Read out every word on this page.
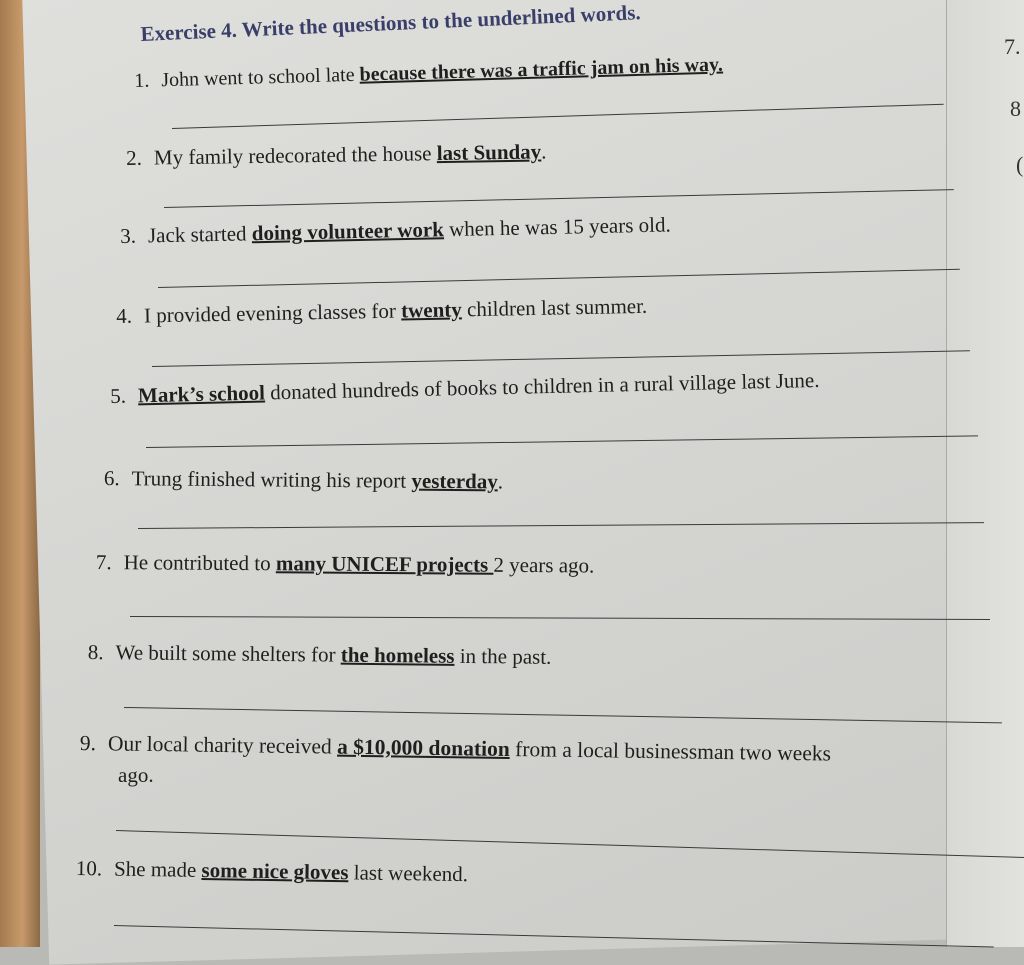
7.
8
(
Exercise 4. Write the questions to the underlined words.
1. John went to school late because there was a traffic jam on his way.
2. My family redecorated the house last Sunday.
3. Jack started doing volunteer work when he was 15 years old.
4. I provided evening classes for twenty children last summer.
5. Mark’s school donated hundreds of books to children in a rural village last June.
6. Trung finished writing his report yesterday.
7. He contributed to many UNICEF projects 2 years ago.
8. We built some shelters for the homeless in the past.
9. Our local charity received a $10,000 donation from a local businessman two weeks
ago.
10. She made some nice gloves last weekend.
